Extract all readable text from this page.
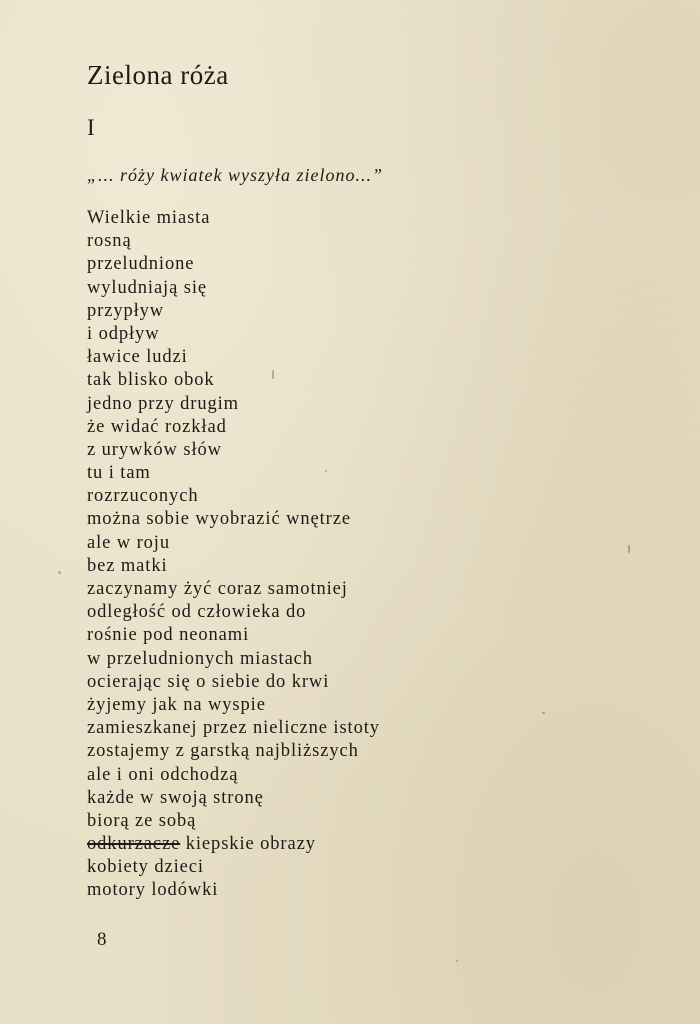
Zielona róża
I
„... róży kwiatek wyszyła zielono...”
Wielkie miasta
rosną
przeludnione
wyludniają się
przypływ
i odpływ
ławice ludzi
tak blisko obok
jedno przy drugim
że widać rozkład
z urywków słów
tu i tam
rozrzuconych
można sobie wyobrazić wnętrze
ale w roju
bez matki
zaczynamy żyć coraz samotniej
odległość od człowieka do
rośnie pod neonami
w przeludnionych miastach
ocierając się o siebie do krwi
żyjemy jak na wyspie
zamieszkanej przez nieliczne istoty
zostajemy z garstką najbliższych
ale i oni odchodzą
każde w swoją stronę
biorą ze sobą
odkurzacze kiepskie obrazy
kobiety dzieci
motory lodówki
8
